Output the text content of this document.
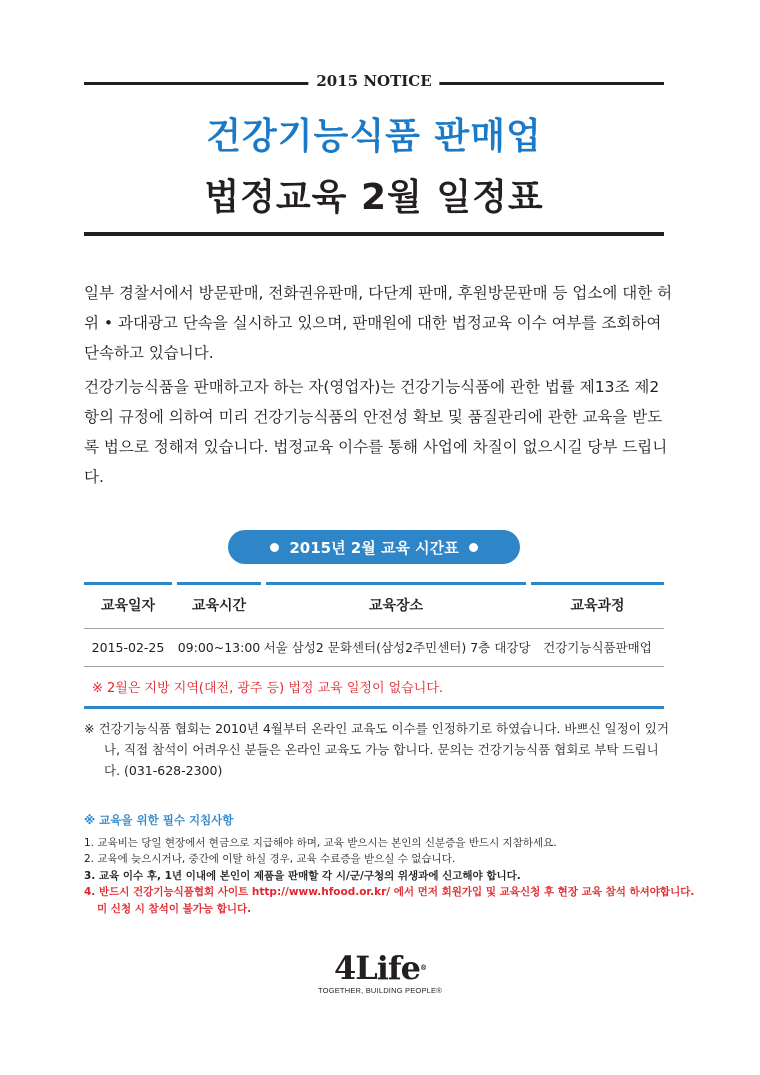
2015 NOTICE
건강기능식품 판매업
법정교육 2월 일정표

일부 경찰서에서 방문판매, 전화권유판매, 다단계 판매, 후원방문판매 등 업소에 대한 허위 • 과대광고 단속을 실시하고 있으며, 판매원에 대한 법정교육 이수 여부를 조회하여 단속하고 있습니다.

건강기능식품을 판매하고자 하는 자(영업자)는 건강기능식품에 관한 법률 제13조 제2항의 규정에 의하여 미리 건강기능식품의 안전성 확보 및 품질관리에 관한 교육을 받도록 법으로 정해져 있습니다. 법정교육 이수를 통해 사업에 차질이 없으시길 당부 드립니다.

2015년 2월 교육 시간표
교육일자	교육시간	교육장소	교육과정
2015-02-25	09:00~13:00 서울 삼성2 문화센터(삼성2주민센터) 7층 대강당	건강기능식품판매업
※ 2월은 지방 지역(대전, 광주 등) 법정 교육 일정이 없습니다.

※ 건강기능식품 협회는 2010년 4월부터 온라인 교육도 이수를 인정하기로 하였습니다. 바쁘신 일정이 있거나, 직접 참석이 어려우신 분들은 온라인 교육도 가능 합니다. 문의는 건강기능식품 협회로 부탁 드립니다. (031-628-2300)

※ 교육을 위한 필수 지침사항
1. 교육비는 당일 현장에서 현금으로 지급해야 하며, 교육 받으시는 본인의 신분증을 반드시 지참하세요.
2. 교육에 늦으시거나, 중간에 이탈 하실 경우, 교육 수료증을 받으실 수 없습니다.
3. 교육 이수 후, 1년 이내에 본인이 제품을 판매할 각 시/군/구청의 위생과에 신고해야 합니다.
4. 반드시 건강기능식품협회 사이트 http://www.hfood.or.kr/ 에서 먼저 회원가입 및 교육신청 후 현장 교육 참석 하셔야합니다.
미 신청 시 참석이 불가능 합니다.
4Life®
TOGETHER, BUILDING PEOPLE®
